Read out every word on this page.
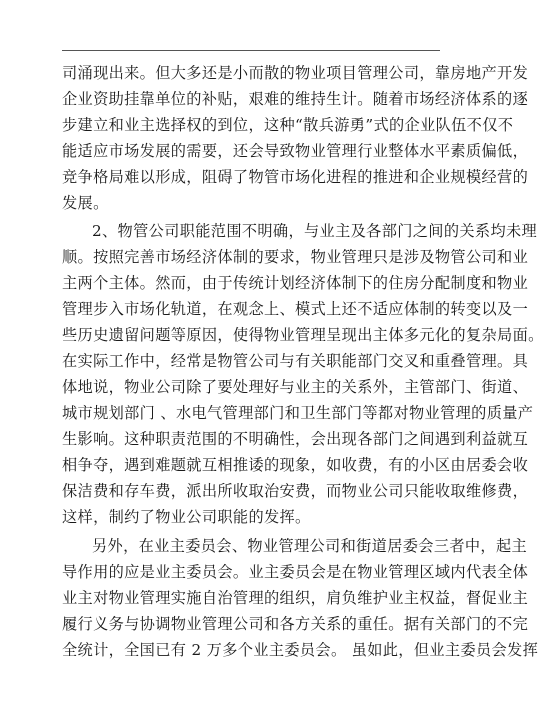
司涌现出来。但大多还是小而散的物业项目管理公司，靠房地产开发
企业资助挂靠单位的补贴，艰难的维持生计。随着市场经济体系的逐
步建立和业主选择权的到位，这种“散兵游勇”式的企业队伍不仅不
能适应市场发展的需要，还会导致物业管理行业整体水平素质偏低，
竞争格局难以形成，阻碍了物管市场化进程的推进和企业规模经营的
发展。
2、物管公司职能范围不明确，与业主及各部门之间的关系均未理
顺。按照完善市场经济体制的要求，物业管理只是涉及物管公司和业
主两个主体。然而，由于传统计划经济体制下的住房分配制度和物业
管理步入市场化轨道，在观念上、模式上还不适应体制的转变以及一
些历史遗留问题等原因，使得物业管理呈现出主体多元化的复杂局面。
在实际工作中，经常是物管公司与有关职能部门交叉和重叠管理。具
体地说，物业公司除了要处理好与业主的关系外，主管部门、街道、
城市规划部门 、水电气管理部门和卫生部门等都对物业管理的质量产
生影响。这种职责范围的不明确性，会出现各部门之间遇到利益就互
相争夺，遇到难题就互相推诿的现象，如收费，有的小区由居委会收
保洁费和存车费，派出所收取治安费，而物业公司只能收取维修费，
这样，制约了物业公司职能的发挥。
另外，在业主委员会、物业管理公司和街道居委会三者中，起主
导作用的应是业主委员会。业主委员会是在物业管理区域内代表全体
业主对物业管理实施自治管理的组织，肩负维护业主权益，督促业主
履行义务与协调物业管理公司和各方关系的重任。据有关部门的不完
全统计，全国已有 2 万多个业主委员会。 虽如此，但业主委员会发挥
